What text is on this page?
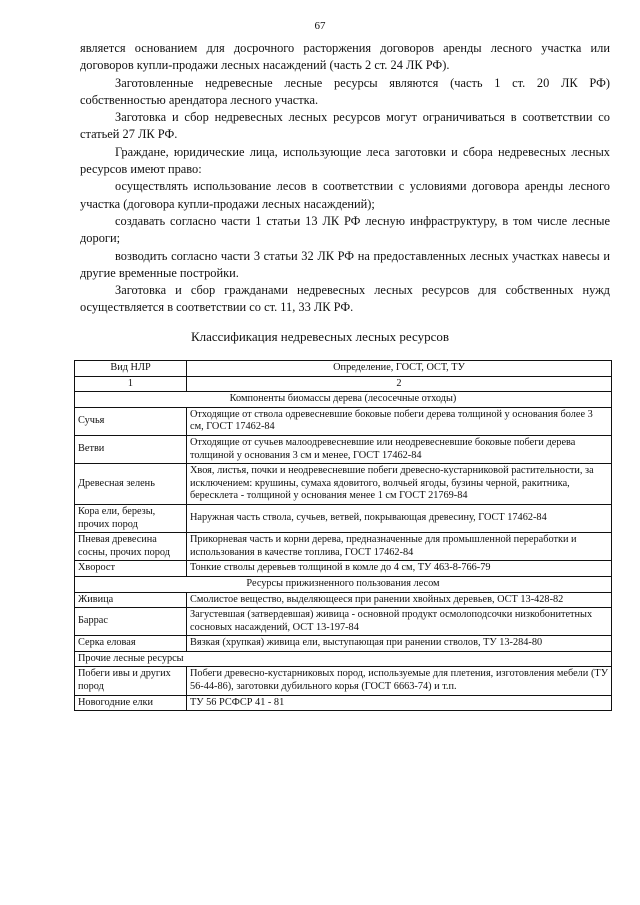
67

является основанием для досрочного расторжения договоров аренды лесного участка или договоров купли-продажи лесных насаждений (часть 2 ст. 24 ЛК РФ).

Заготовленные недревесные лесные ресурсы являются (часть 1 ст. 20 ЛК РФ) собственностью арендатора лесного участка.

Заготовка и сбор недревесных лесных ресурсов могут ограничиваться в соответствии со статьей 27 ЛК РФ.

Граждане, юридические лица, использующие леса заготовки и сбора недревесных лесных ресурсов имеют право:

осуществлять использование лесов в соответствии с условиями договора аренды лесного участка (договора купли-продажи лесных насаждений);

создавать согласно части 1 статьи 13 ЛК РФ лесную инфраструктуру, в том числе лесные дороги;

возводить согласно части 3 статьи 32 ЛК РФ на предоставленных лесных участках навесы и другие временные постройки.

Заготовка и сбор гражданами недревесных лесных ресурсов для собственных нужд осуществляется в соответствии со ст. 11, 33 ЛК РФ.

Классификация недревесных лесных ресурсов
Вид НЛР	Определение, ГОСТ, ОСТ, ТУ
1	2
Компоненты биомассы дерева (лесосечные отходы)	
Сучья	Отходящие от ствола одревесневшие боковые побеги дерева толщиной у основания более 3 см, ГОСТ 17462-84
Ветви	Отходящие от сучьев малоодревесневшие или неодревесневшие боковые побеги дерева толщиной у основания 3 см и менее, ГОСТ 17462-84
Древесная зелень	Хвоя, листья, почки и неодревесневшие побеги древесно-кустарниковой растительности, за исключением: крушины, сумаха ядовитого, волчьей ягоды, бузины черной, ракитника, бересклета - толщиной у основания менее 1 см ГОСТ 21769-84
Кора ели, березы, прочих пород	Наружная часть ствола, сучьев, ветвей, покрывающая древесину, ГОСТ 17462-84
Пневая древесина сосны, прочих пород	Прикорневая часть и корни дерева, предназначенные для промышленной переработки и использования в качестве топлива, ГОСТ 17462-84
Хворост	Тонкие стволы деревьев толщиной в комле до 4 см, ТУ 463-8-766-79
Ресурсы прижизненного пользования лесом	
Живица	Смолистое вещество, выделяющееся при ранении хвойных деревьев, ОСТ 13-428-82
Баррас	Загустевшая (затвердевшая) живица - основной продукт осмолоподсочки низкобонитетных сосновых насаждений, ОСТ 13-197-84
Серка еловая	Вязкая (хрупкая) живица ели, выступающая при ранении стволов, ТУ 13-284-80
Прочие лесные ресурсы	
Побеги ивы и других пород	Побеги древесно-кустарниковых пород, используемые для плетения, изготовления мебели (ТУ 56-44-86), заготовки дубильного корья (ГОСТ 6663-74) и т.п.
Новогодние елки	ТУ 56 РСФСР 41 - 81
